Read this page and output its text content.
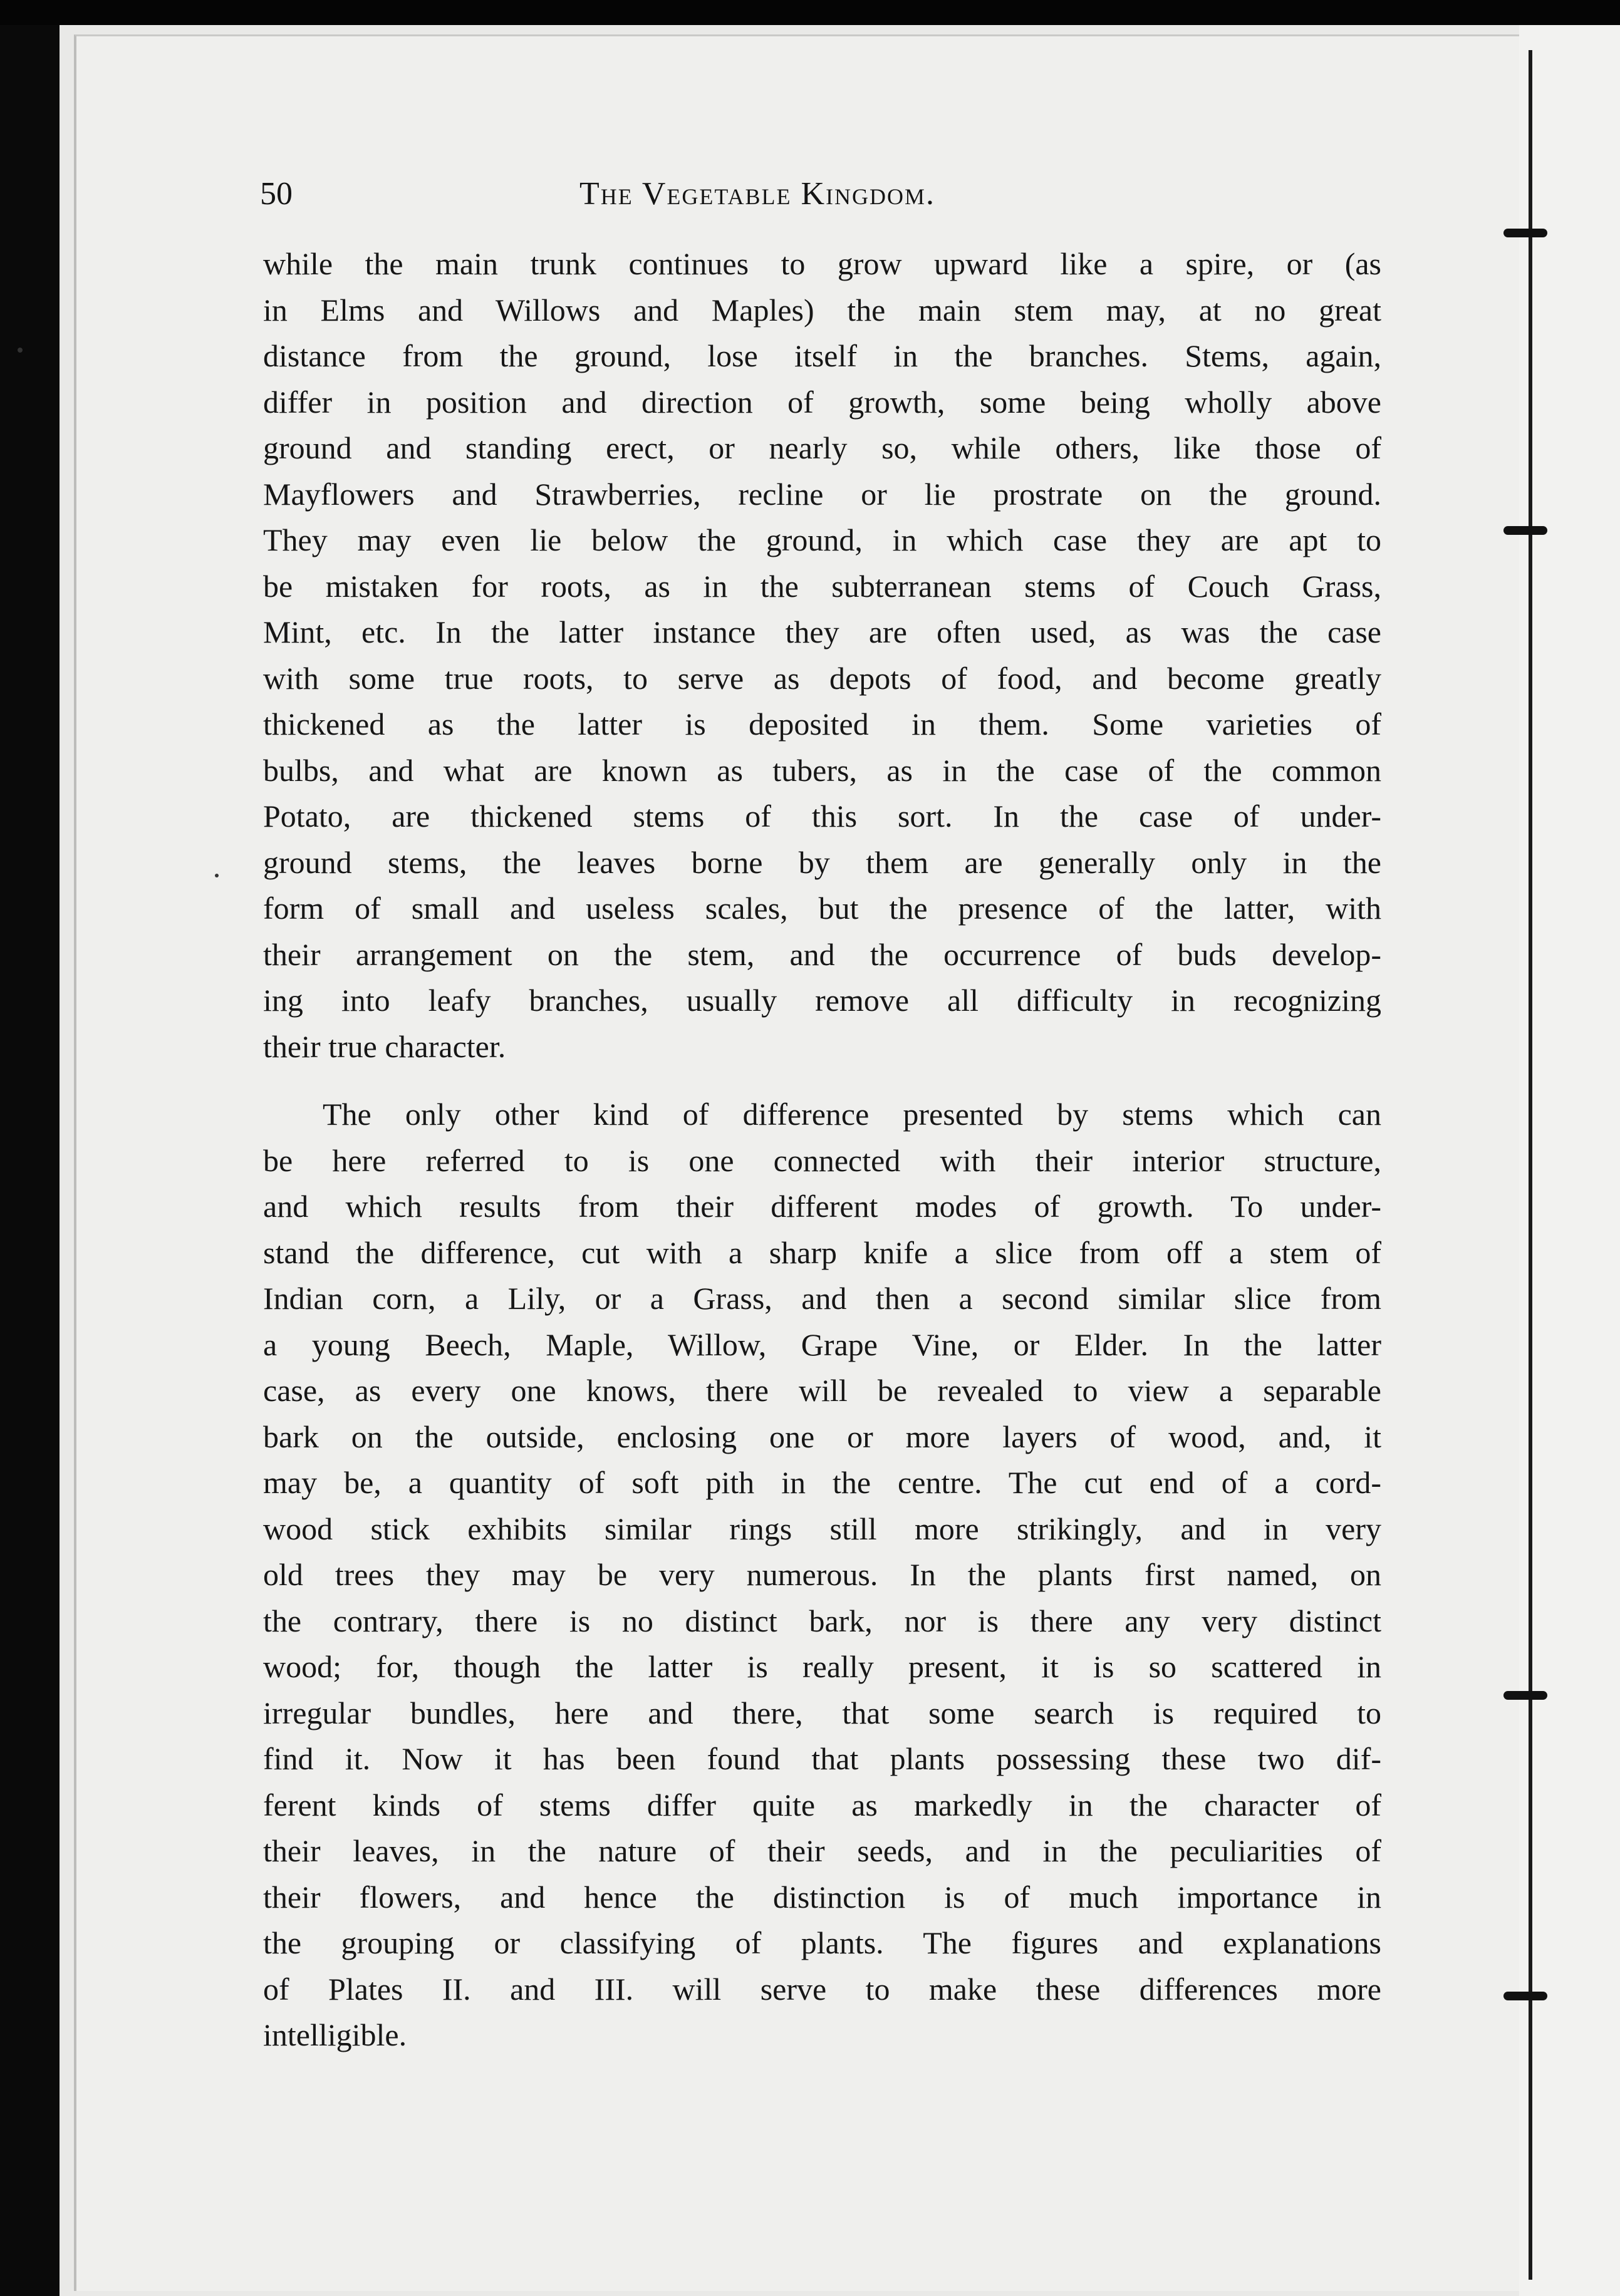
50	The Vegetable Kingdom.
while the main trunk continues to grow upward like a spire, or (as
in Elms and Willows and Maples) the main stem may, at no great
distance from the ground, lose itself in the branches. Stems, again,
differ in position and direction of growth, some being wholly above
ground and standing erect, or nearly so, while others, like those of
Mayflowers and Strawberries, recline or lie prostrate on the ground.
They may even lie below the ground, in which case they are apt to
be mistaken for roots, as in the subterranean stems of Couch Grass,
Mint, etc. In the latter instance they are often used, as was the case
with some true roots, to serve as depots of food, and become greatly
thickened as the latter is deposited in them. Some varieties of
bulbs, and what are known as tubers, as in the case of the common
Potato, are thickened stems of this sort. In the case of under-
ground stems, the leaves borne by them are generally only in the
form of small and useless scales, but the presence of the latter, with
their arrangement on the stem, and the occurrence of buds develop-
ing into leafy branches, usually remove all difficulty in recognizing
their true character.
The only other kind of difference presented by stems which can
be here referred to is one connected with their interior structure,
and which results from their different modes of growth. To under-
stand the difference, cut with a sharp knife a slice from off a stem of
Indian corn, a Lily, or a Grass, and then a second similar slice from
a young Beech, Maple, Willow, Grape Vine, or Elder. In the latter
case, as every one knows, there will be revealed to view a separable
bark on the outside, enclosing one or more layers of wood, and, it
may be, a quantity of soft pith in the centre. The cut end of a cord-
wood stick exhibits similar rings still more strikingly, and in very
old trees they may be very numerous. In the plants first named, on
the contrary, there is no distinct bark, nor is there any very distinct
wood; for, though the latter is really present, it is so scattered in
irregular bundles, here and there, that some search is required to
find it. Now it has been found that plants possessing these two dif-
ferent kinds of stems differ quite as markedly in the character of
their leaves, in the nature of their seeds, and in the peculiarities of
their flowers, and hence the distinction is of much importance in
the grouping or classifying of plants. The figures and explanations
of Plates II. and III. will serve to make these differences more
intelligible.
